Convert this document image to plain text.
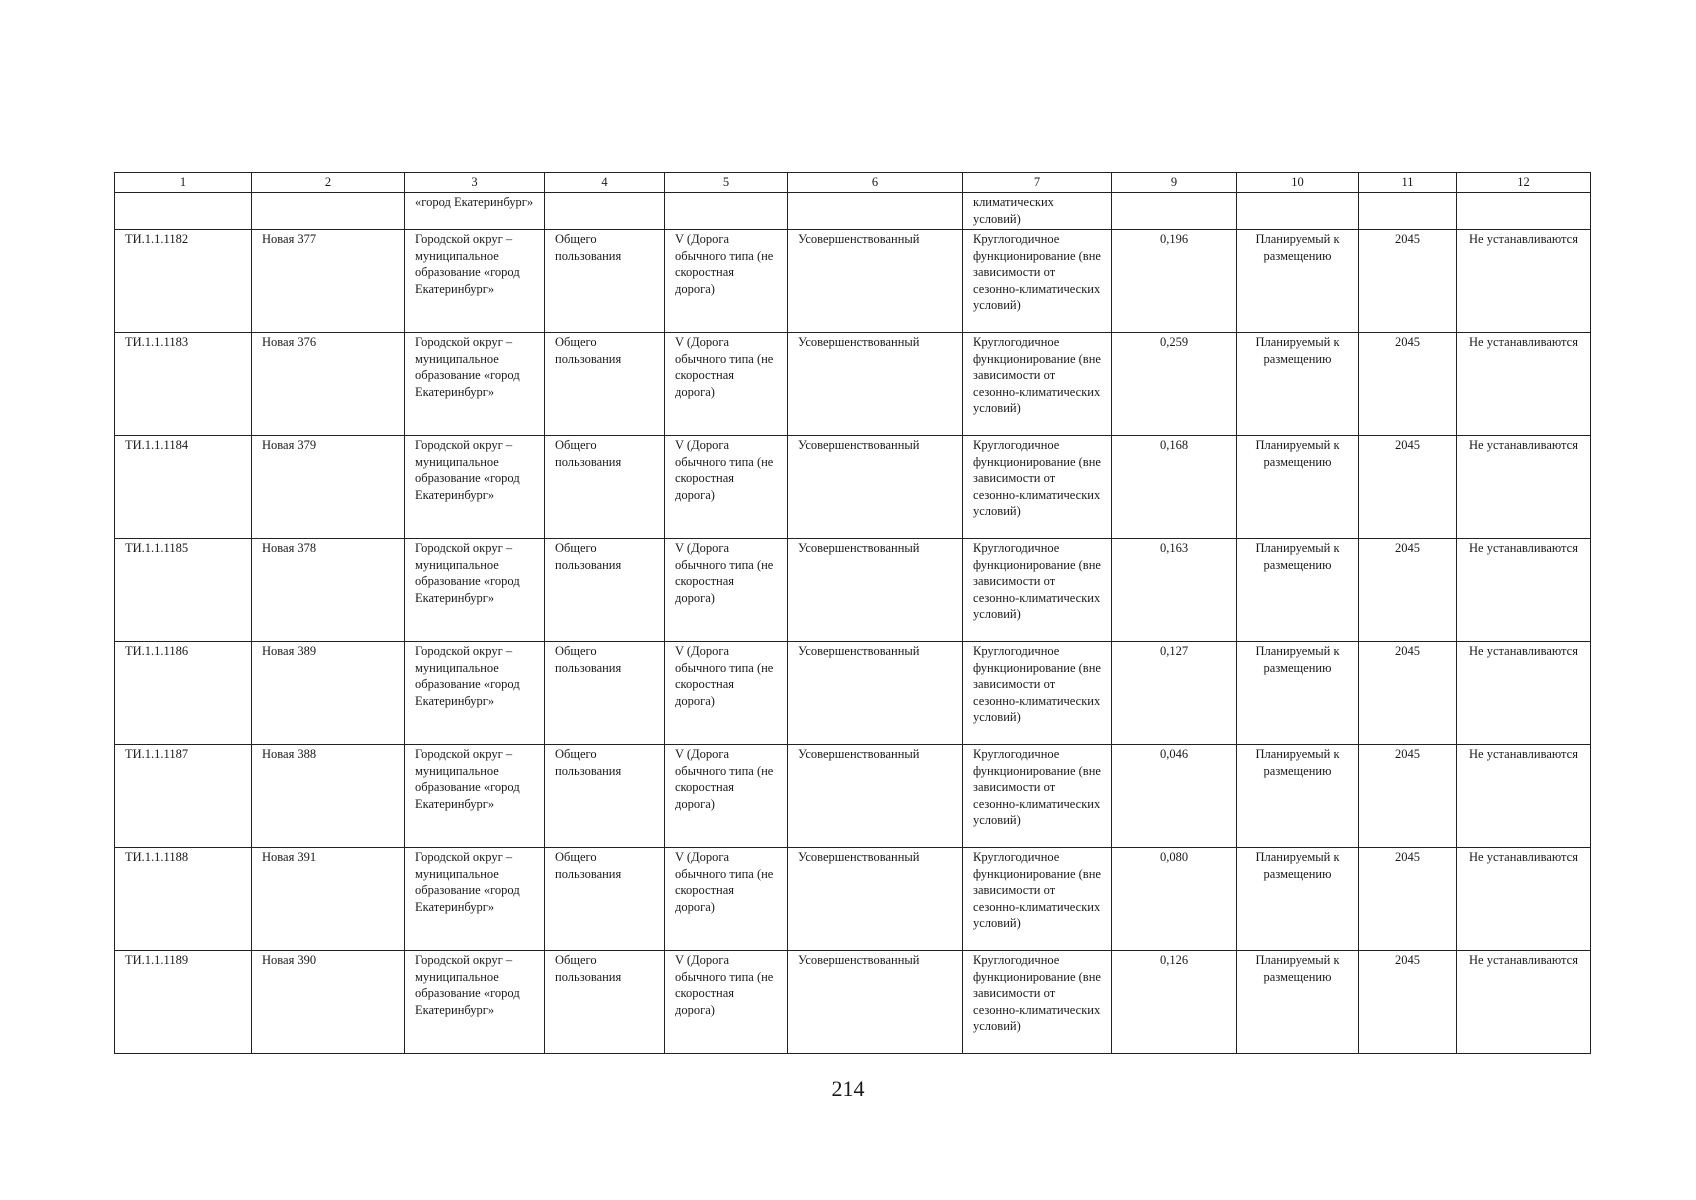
1	2	3	4	5	6	7	9	10	11	12
		«город Екатеринбург»				климатических условий)				
ТИ.1.1.1182	Новая 377	Городской округ – муниципальное образование «город Екатеринбург»	Общего пользования	V (Дорога обычного типа (не скоростная дорога)	Усовершенствованный	Круглогодичное функционирование (вне зависимости от сезонно-климатических условий)	0,196	Планируемый к размещению	2045	Не устанавливаются
ТИ.1.1.1183	Новая 376	Городской округ – муниципальное образование «город Екатеринбург»	Общего пользования	V (Дорога обычного типа (не скоростная дорога)	Усовершенствованный	Круглогодичное функционирование (вне зависимости от сезонно-климатических условий)	0,259	Планируемый к размещению	2045	Не устанавливаются
ТИ.1.1.1184	Новая 379	Городской округ – муниципальное образование «город Екатеринбург»	Общего пользования	V (Дорога обычного типа (не скоростная дорога)	Усовершенствованный	Круглогодичное функционирование (вне зависимости от сезонно-климатических условий)	0,168	Планируемый к размещению	2045	Не устанавливаются
ТИ.1.1.1185	Новая 378	Городской округ – муниципальное образование «город Екатеринбург»	Общего пользования	V (Дорога обычного типа (не скоростная дорога)	Усовершенствованный	Круглогодичное функционирование (вне зависимости от сезонно-климатических условий)	0,163	Планируемый к размещению	2045	Не устанавливаются
ТИ.1.1.1186	Новая 389	Городской округ – муниципальное образование «город Екатеринбург»	Общего пользования	V (Дорога обычного типа (не скоростная дорога)	Усовершенствованный	Круглогодичное функционирование (вне зависимости от сезонно-климатических условий)	0,127	Планируемый к размещению	2045	Не устанавливаются
ТИ.1.1.1187	Новая 388	Городской округ – муниципальное образование «город Екатеринбург»	Общего пользования	V (Дорога обычного типа (не скоростная дорога)	Усовершенствованный	Круглогодичное функционирование (вне зависимости от сезонно-климатических условий)	0,046	Планируемый к размещению	2045	Не устанавливаются
ТИ.1.1.1188	Новая 391	Городской округ – муниципальное образование «город Екатеринбург»	Общего пользования	V (Дорога обычного типа (не скоростная дорога)	Усовершенствованный	Круглогодичное функционирование (вне зависимости от сезонно-климатических условий)	0,080	Планируемый к размещению	2045	Не устанавливаются
ТИ.1.1.1189	Новая 390	Городской округ – муниципальное образование «город Екатеринбург»	Общего пользования	V (Дорога обычного типа (не скоростная дорога)	Усовершенствованный	Круглогодичное функционирование (вне зависимости от сезонно-климатических условий)	0,126	Планируемый к размещению	2045	Не устанавливаются
214
